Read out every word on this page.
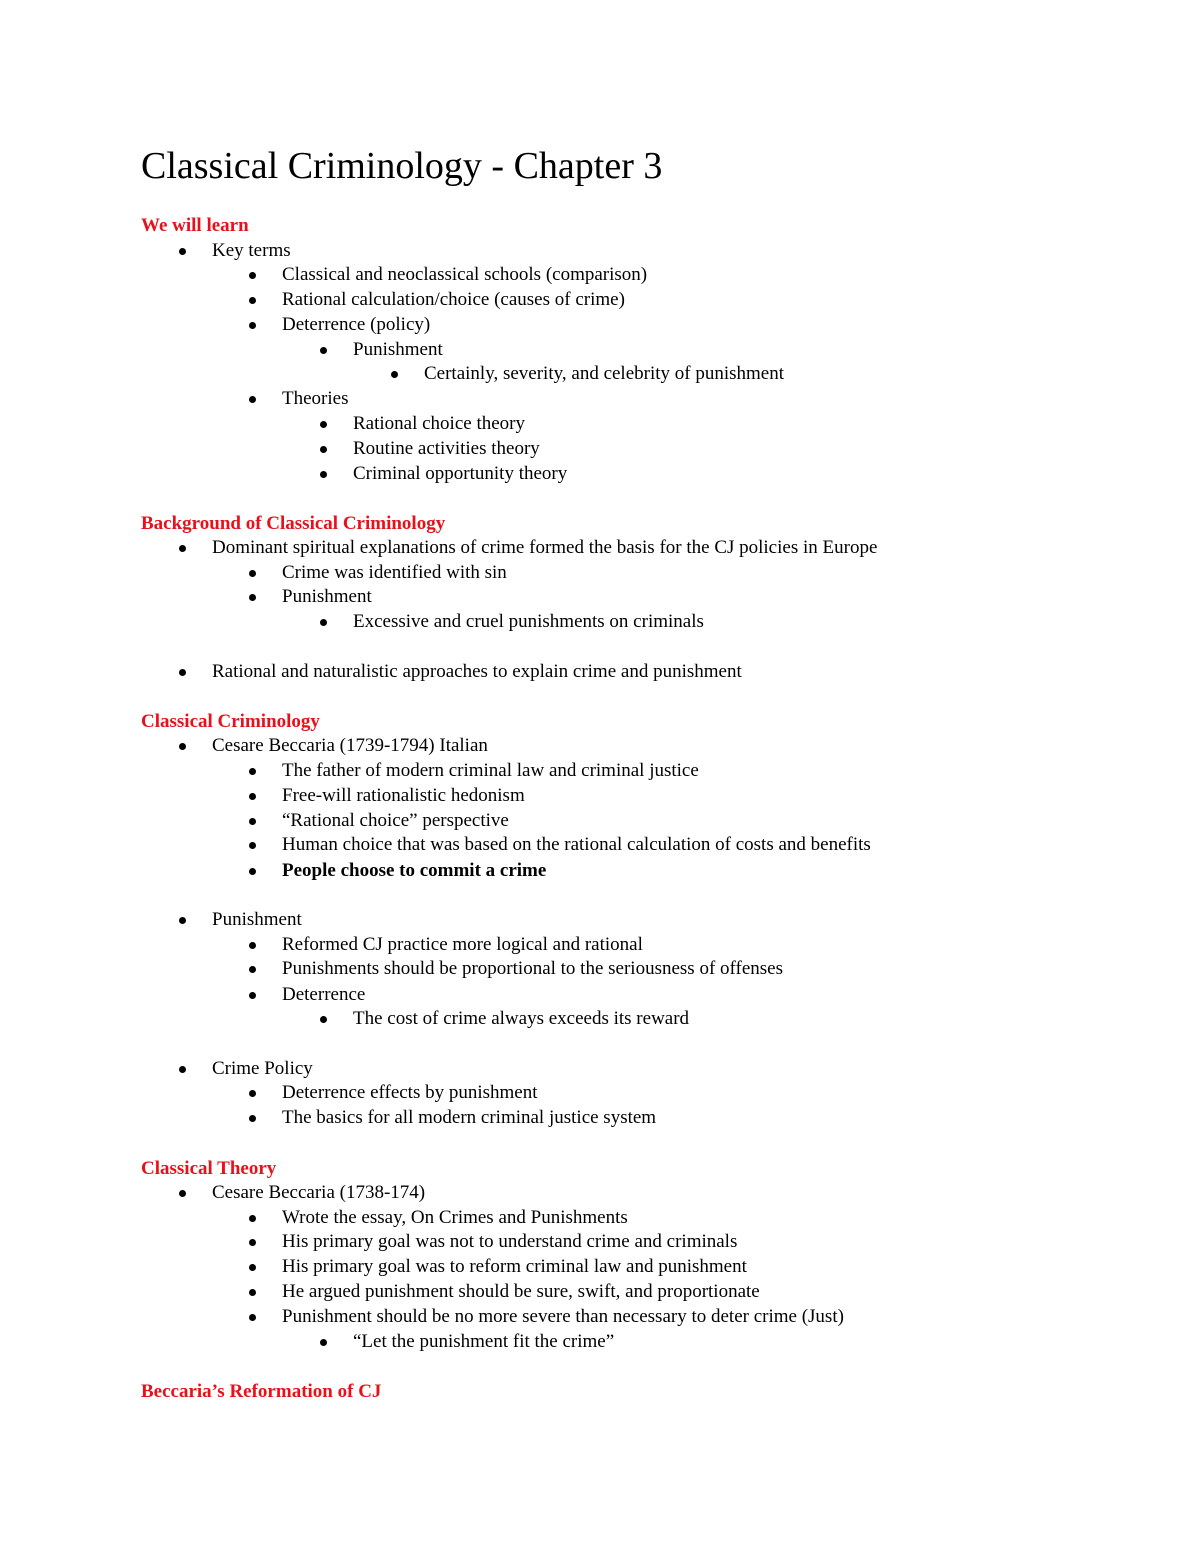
Classical Criminology - Chapter 3
We will learn
Key terms
Classical and neoclassical schools (comparison)
Rational calculation/choice (causes of crime)
Deterrence (policy)
Punishment
Certainly, severity, and celebrity of punishment
Theories
Rational choice theory
Routine activities theory
Criminal opportunity theory
Background of Classical Criminology
Dominant spiritual explanations of crime formed the basis for the CJ policies in Europe
Crime was identified with sin
Punishment
Excessive and cruel punishments on criminals
Rational and naturalistic approaches to explain crime and punishment
Classical Criminology
Cesare Beccaria (1739-1794) Italian
The father of modern criminal law and criminal justice
Free-will rationalistic hedonism
“Rational choice” perspective
Human choice that was based on the rational calculation of costs and benefits
People choose to commit a crime
Punishment
Reformed CJ practice more logical and rational
Punishments should be proportional to the seriousness of offenses
Deterrence
The cost of crime always exceeds its reward
Crime Policy
Deterrence effects by punishment
The basics for all modern criminal justice system
Classical Theory
Cesare Beccaria (1738-174)
Wrote the essay, On Crimes and Punishments
His primary goal was not to understand crime and criminals
His primary goal was to reform criminal law and punishment
He argued punishment should be sure, swift, and proportionate
Punishment should be no more severe than necessary to deter crime (Just)
“Let the punishment fit the crime”
Beccaria’s Reformation of CJ
